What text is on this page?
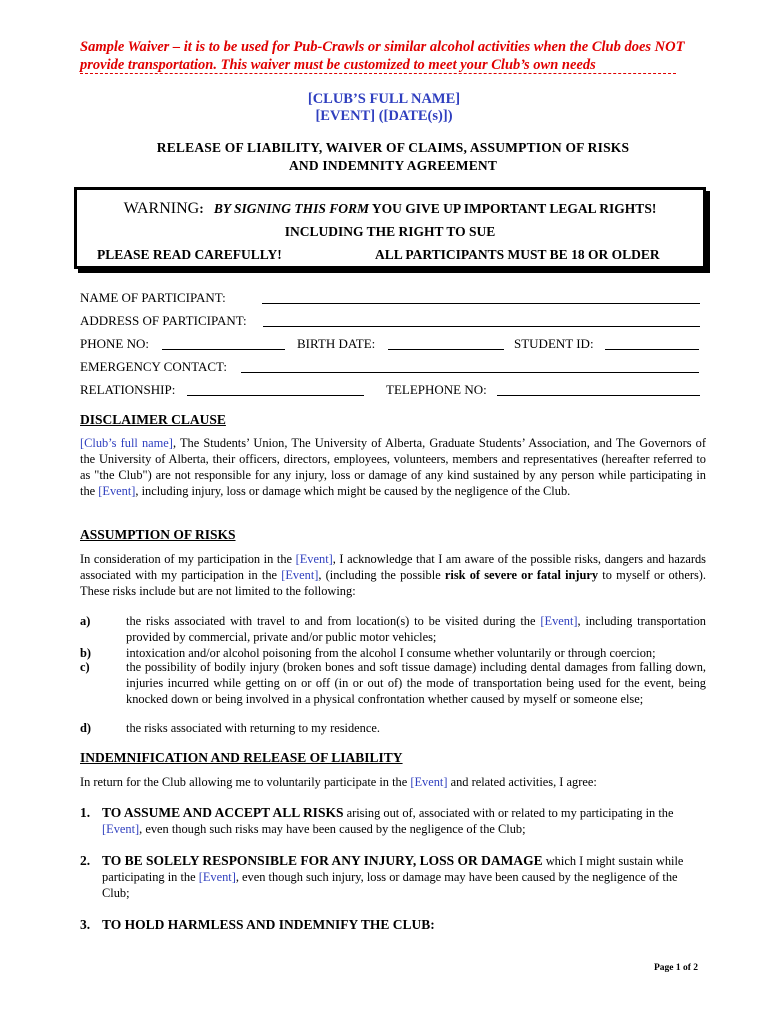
Sample Waiver – it is to be used for Pub-Crawls or similar alcohol activities when the Club does NOT provide transportation. This waiver must be customized to meet your Club’s own needs
[CLUB’S FULL NAME]
[EVENT] ([DATE(s)])
RELEASE OF LIABILITY, WAIVER OF CLAIMS, ASSUMPTION OF RISKS
AND INDEMNITY AGREEMENT
WARNING: BY SIGNING THIS FORM YOU GIVE UP IMPORTANT LEGAL RIGHTS!
INCLUDING THE RIGHT TO SUE
PLEASE READ CAREFULLY!	ALL PARTICIPANTS MUST BE 18 OR OLDER
NAME OF PARTICIPANT:
ADDRESS OF PARTICIPANT:
PHONE NO:	BIRTH DATE:	STUDENT ID:
EMERGENCY CONTACT:
RELATIONSHIP:	TELEPHONE NO:
DISCLAIMER CLAUSE
[Club’s full name], The Students’ Union, The University of Alberta, Graduate Students’ Association, and The Governors of the University of Alberta, their officers, directors, employees, volunteers, members and representatives (hereafter referred to as "the Club") are not responsible for any injury, loss or damage of any kind sustained by any person while participating in the [Event], including injury, loss or damage which might be caused by the negligence of the Club.
ASSUMPTION OF RISKS
In consideration of my participation in the [Event], I acknowledge that I am aware of the possible risks, dangers and hazards associated with my participation in the [Event], (including the possible risk of severe or fatal injury to myself or others). These risks include but are not limited to the following:
a)	the risks associated with travel to and from location(s) to be visited during the [Event], including transportation provided by commercial, private and/or public motor vehicles;
b)	intoxication and/or alcohol poisoning from the alcohol I consume whether voluntarily or through coercion;
c)	the possibility of bodily injury (broken bones and soft tissue damage) including dental damages from falling down, injuries incurred while getting on or off (in or out of) the mode of transportation being used for the event, being knocked down or being involved in a physical confrontation whether caused by myself or someone else;
d)	the risks associated with returning to my residence.
INDEMNIFICATION AND RELEASE OF LIABILITY
In return for the Club allowing me to voluntarily participate in the [Event] and related activities, I agree:
1. TO ASSUME AND ACCEPT ALL RISKS arising out of, associated with or related to my participating in the [Event], even though such risks may have been caused by the negligence of the Club;
2. TO BE SOLELY RESPONSIBLE FOR ANY INJURY, LOSS OR DAMAGE which I might sustain while participating in the [Event], even though such injury, loss or damage may have been caused by the negligence of the Club;
3. TO HOLD HARMLESS AND INDEMNIFY THE CLUB:
Page 1 of 2
